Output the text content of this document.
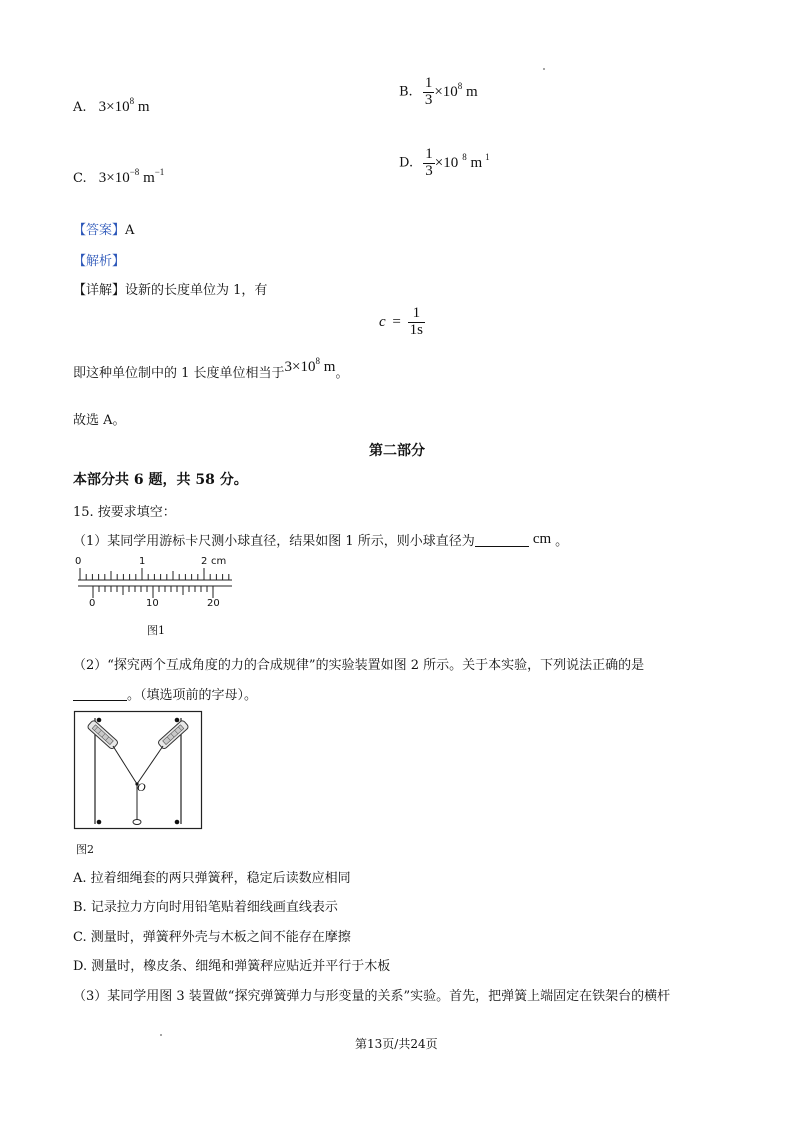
A. $3\times 10^8$ m
B. $\frac{1}{3} \times 10^8$ m
C. $3\times 10^{-8}$ $m^{-1}$
D. $\frac{1}{3} \times 10$ $^8$ m $^1$
【答案】A
【解析】
【详解】设新的长度单位为 1，有
$c = \frac{1}{1s}$
即这种单位制中的 1 长度单位相当于$3\times 10^8$ m。
故选 A。
第二部分
本部分共 6 题，共 58 分。
15. 按要求填空：
（1）某同学用游标卡尺测小球直径，结果如图 1 所示，则小球直径为	cm 。
0	1	2 cm
0	10	20
图1
（2）“探究两个互成角度的力的合成规律”的实验装置如图 2 所示。关于本实验，下列说法正确的是
。（填选项前的字母）。
O
图2
A. 拉着细绳套的两只弹簧秤，稳定后读数应相同
B. 记录拉力方向时用铅笔贴着细线画直线表示
C. 测量时，弹簧秤外壳与木板之间不能存在摩擦
D. 测量时，橡皮条、细绳和弹簧秤应贴近并平行于木板
（3）某同学用图 3 装置做“探究弹簧弹力与形变量的关系”实验。首先，把弹簧上端固定在铁架台的横杆
第13页/共24页
